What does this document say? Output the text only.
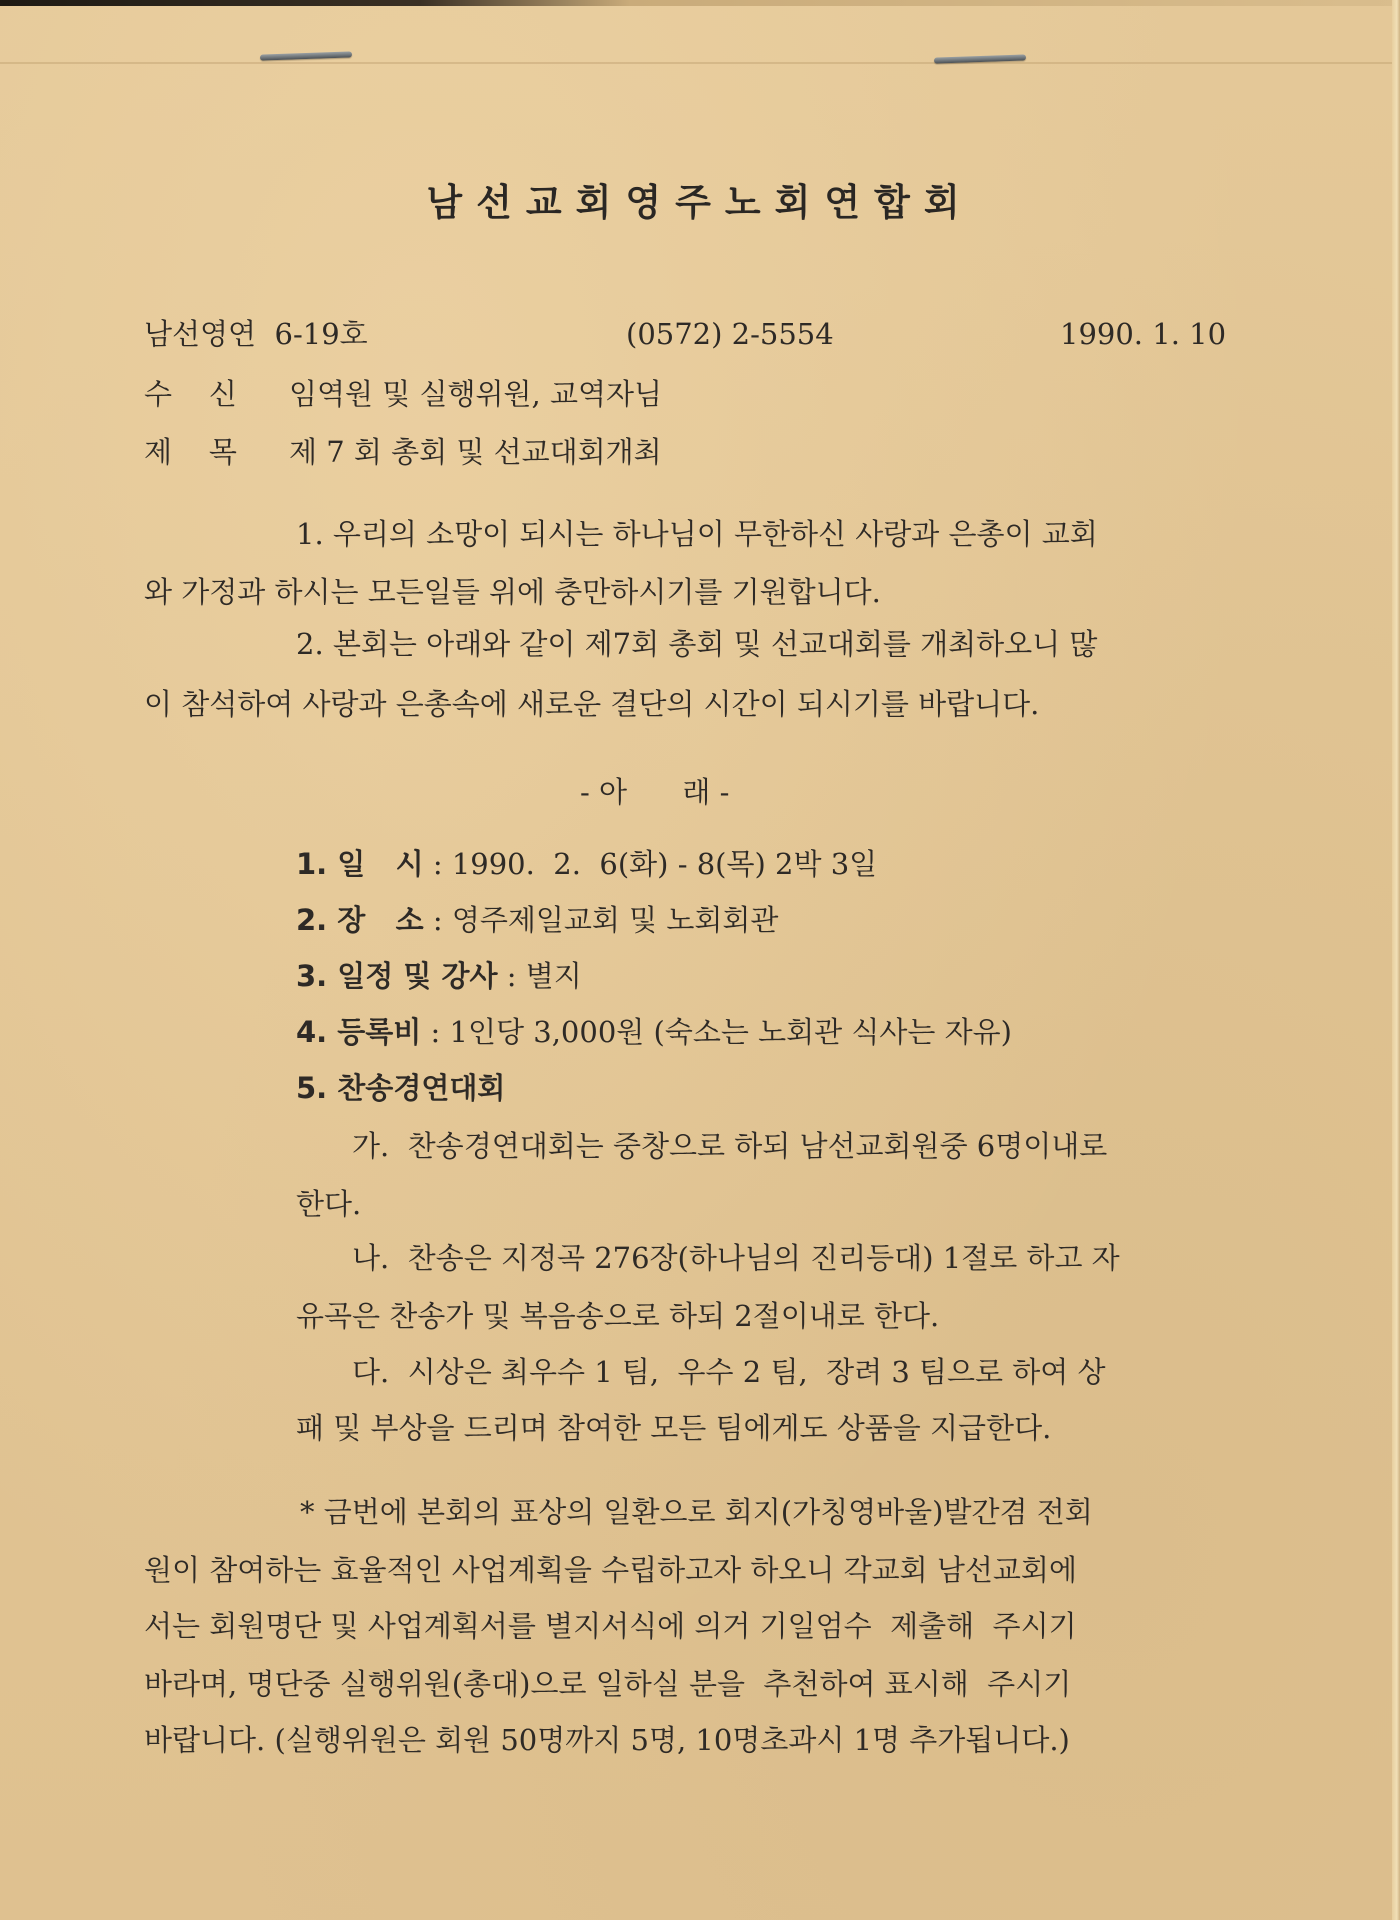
남선교회영주노회연합회
남선영연 6-19호	(0572) 2-5554	1990. 1. 10
수    신 임역원 및 실행위원, 교역자님
제    목 제 7 회 총회 및 선교대회개최
1. 우리의 소망이 되시는 하나님이 무한하신 사랑과 은총이 교회
와 가정과 하시는 모든일들 위에 충만하시기를 기원합니다.
2. 본회는 아래와 같이 제7회 총회 및 선교대회를 개최하오니 많
이 참석하여 사랑과 은총속에 새로운 결단의 시간이 되시기를 바랍니다.
- 아      래 -
1. 일   시 : 1990.  2.  6(화) - 8(목) 2박 3일
2. 장   소 : 영주제일교회 및 노회회관
3. 일정 및 강사 : 별지
4. 등록비 : 1인당 3,000원 (숙소는 노회관 식사는 자유)
5. 찬송경연대회
가.  찬송경연대회는 중창으로 하되 남선교회원중 6명이내로
한다.
나.  찬송은 지정곡 276장(하나님의 진리등대) 1절로 하고 자
유곡은 찬송가 및 복음송으로 하되 2절이내로 한다.
다.  시상은 최우수 1 팀,  우수 2 팀,  장려 3 팀으로 하여 상
패 및 부상을 드리며 참여한 모든 팀에게도 상품을 지급한다.
* 금번에 본회의 표상의 일환으로 회지(가칭영바울)발간겸 전회
원이 참여하는 효율적인 사업계획을 수립하고자 하오니 각교회 남선교회에
서는 회원명단 및 사업계획서를 별지서식에 의거 기일엄수  제출해  주시기
바라며, 명단중 실행위원(총대)으로 일하실 분을  추천하여 표시해  주시기
바랍니다. (실행위원은 회원 50명까지 5명, 10명초과시 1명 추가됩니다.)
